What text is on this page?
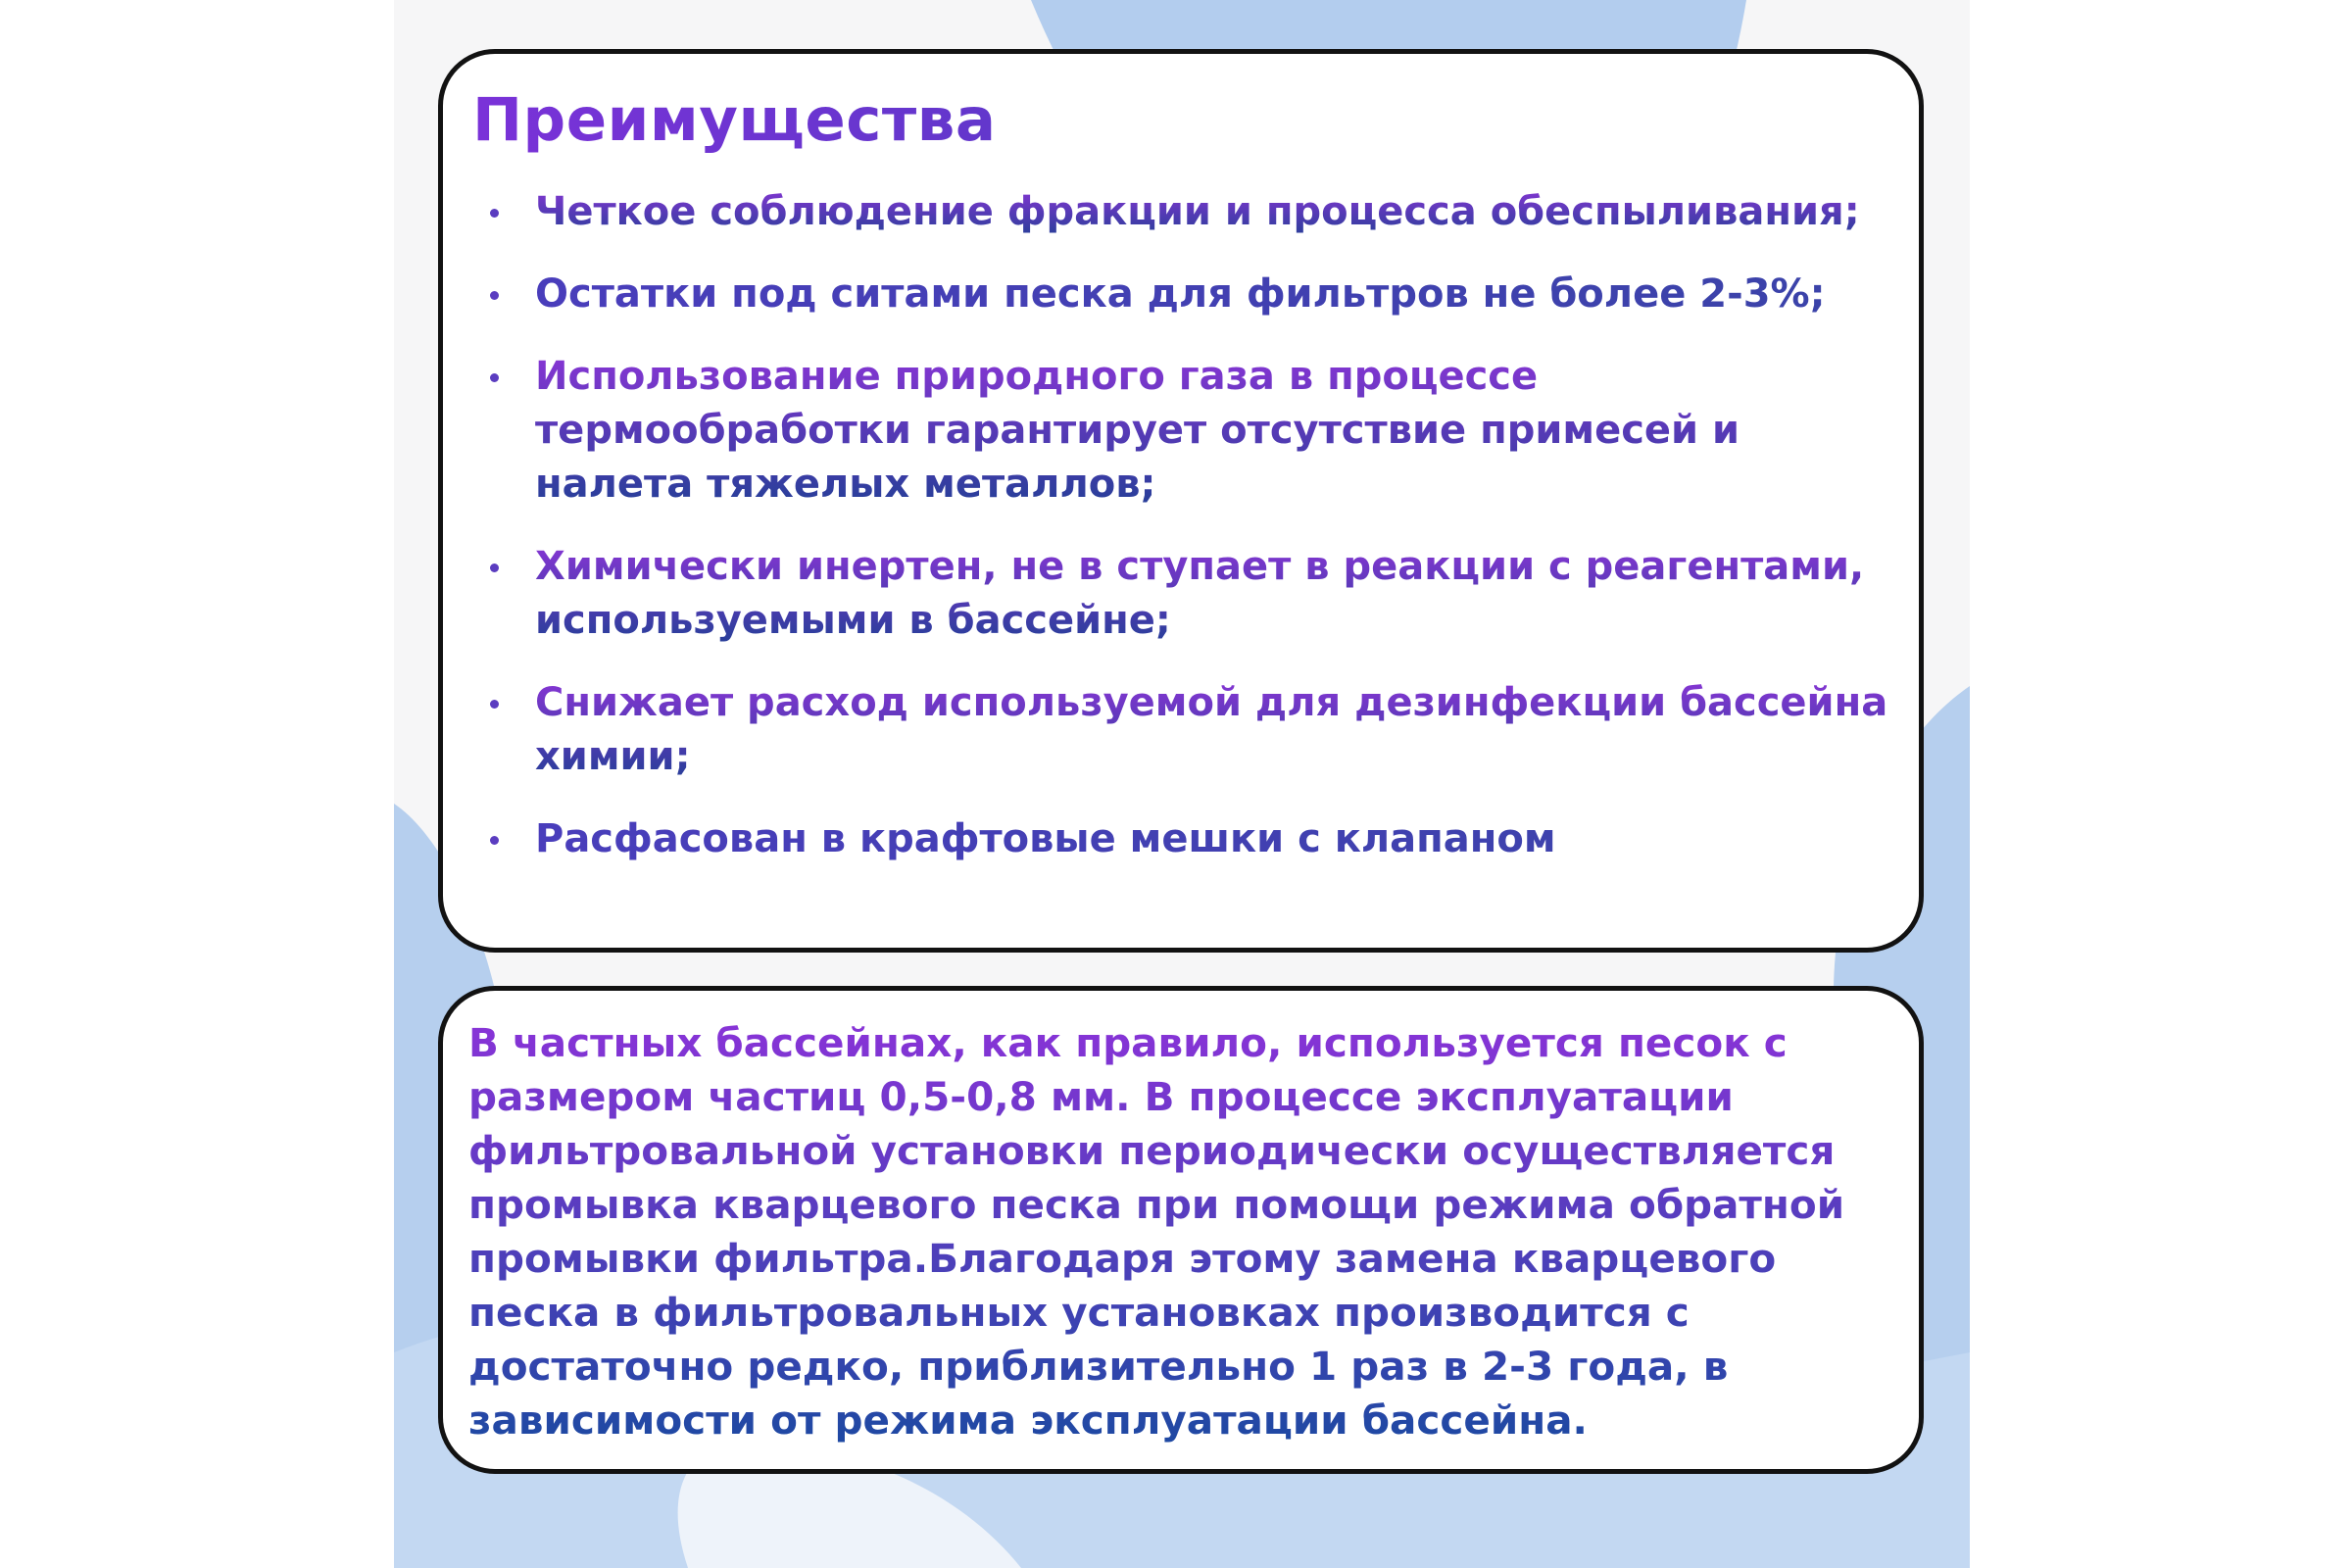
Преимущества
Четкое соблюдение фракции и процесса обеспыливания;
Остатки под ситами песка для фильтров не более 2-3%;
Использование природного газа в процессе термообработки гарантирует отсутствие примесей и налета тяжелых металлов;
Химически инертен, не в ступает в реакции с реагентами, используемыми в бассейне;
Снижает расход используемой для дезинфекции бассейна химии;
Расфасован в крафтовые мешки с клапаном

В частных бассейнах, как правило, используется песок с размером частиц 0,5-0,8 мм. В процессе эксплуатации фильтровальной установки периодически осуществляется промывка кварцевого песка при помощи режима обратной промывки фильтра.Благодаря этому замена кварцевого песка в фильтровальных установках производится с достаточно редко, приблизительно 1 раз в 2-3 года, в зависимости от режима эксплуатации бассейна.
